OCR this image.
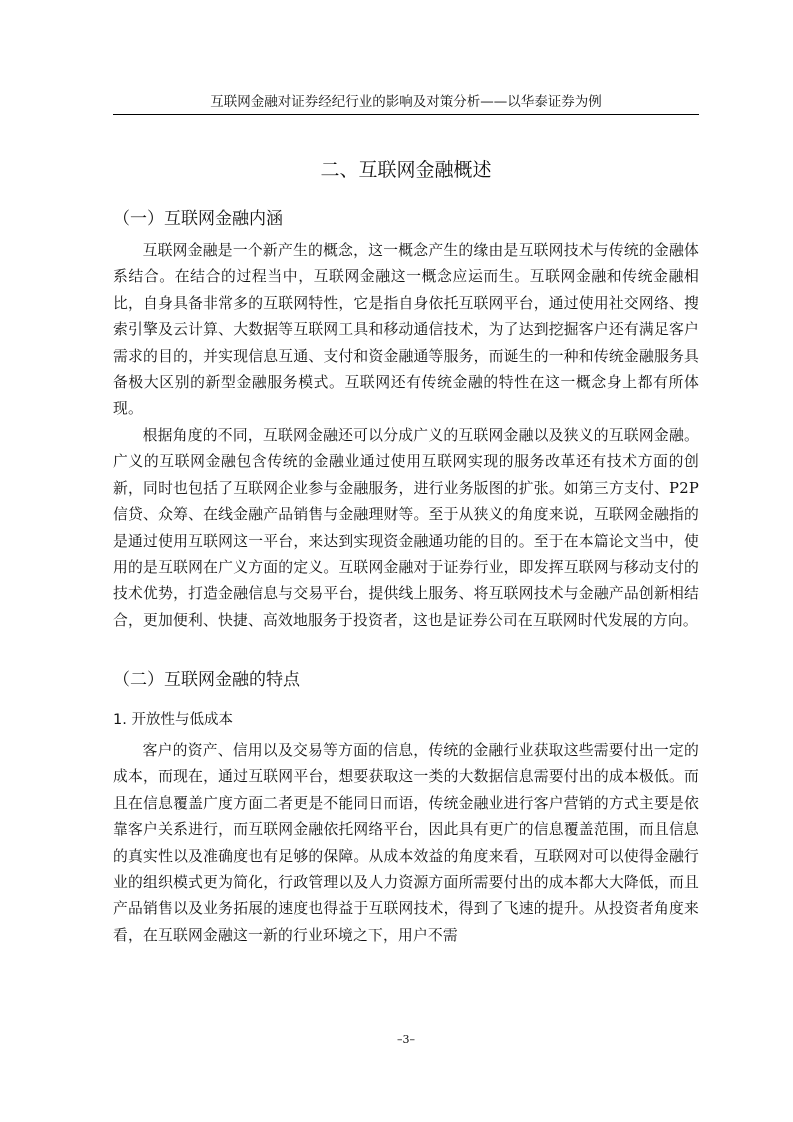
互联网金融对证券经纪行业的影响及对策分析——以华泰证券为例
二、互联网金融概述
（一）互联网金融内涵

互联网金融是一个新产生的概念，这一概念产生的缘由是互联网技术与传统的金融体系结合。在结合的过程当中，互联网金融这一概念应运而生。互联网金融和传统金融相比，自身具备非常多的互联网特性，它是指自身依托互联网平台，通过使用社交网络、搜索引擎及云计算、大数据等互联网工具和移动通信技术，为了达到挖掘客户还有满足客户需求的目的，并实现信息互通、支付和资金融通等服务，而诞生的一种和传统金融服务具备极大区别的新型金融服务模式。互联网还有传统金融的特性在这一概念身上都有所体现。

根据角度的不同，互联网金融还可以分成广义的互联网金融以及狭义的互联网金融。广义的互联网金融包含传统的金融业通过使用互联网实现的服务改革还有技术方面的创新，同时也包括了互联网企业参与金融服务，进行业务版图的扩张。如第三方支付、P2P 信贷、众筹、在线金融产品销售与金融理财等。至于从狭义的角度来说，互联网金融指的是通过使用互联网这一平台，来达到实现资金融通功能的目的。至于在本篇论文当中，使用的是互联网在广义方面的定义。互联网金融对于证券行业，即发挥互联网与移动支付的技术优势，打造金融信息与交易平台，提供线上服务、将互联网技术与金融产品创新相结合，更加便利、快捷、高效地服务于投资者，这也是证券公司在互联网时代发展的方向。

（二）互联网金融的特点
1. 开放性与低成本

客户的资产、信用以及交易等方面的信息，传统的金融行业获取这些需要付出一定的成本，而现在，通过互联网平台，想要获取这一类的大数据信息需要付出的成本极低。而且在信息覆盖广度方面二者更是不能同日而语，传统金融业进行客户营销的方式主要是依靠客户关系进行，而互联网金融依托网络平台，因此具有更广的信息覆盖范围，而且信息的真实性以及准确度也有足够的保障。从成本效益的角度来看，互联网对可以使得金融行业的组织模式更为简化，行政管理以及人力资源方面所需要付出的成本都大大降低，而且产品销售以及业务拓展的速度也得益于互联网技术，得到了飞速的提升。从投资者角度来看，在互联网金融这一新的行业环境之下，用户不需

–3–
